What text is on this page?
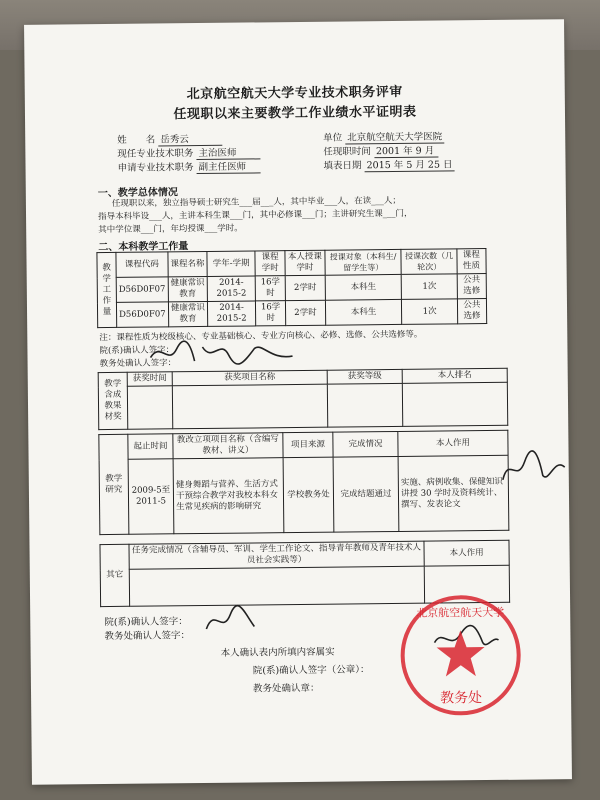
北京航空航天大学专业技术职务评审
任现职以来主要教学工作业绩水平证明表
姓　　名 岳秀云
现任专业技术职务 主治医师
申请专业技术职务 副主任医师
单位 北京航空航天大学医院
任现职时间 2001 年 9 月
填表日期 2015 年 5 月 25 日
一、教学总体情况
任现职以来，独立指导硕士研究生___届___人，其中毕业___人，在读___人；
指导本科毕设___人，主讲本科生课___门，其中必修课___门；主讲研究生课___门，
其中学位课___门，年均授课___学时。
二、本科教学工作量
教学工作量	课程代码	课程名称	学年-学期	课程学时	本人授课学时	授课对象（本科生/留学生等）	授课次数（几轮次）	课程性质
	D56D0F07	健康常识教育	2014-2015-2	16学时	2学时	本科生	1次	公共选修
	D56D0F07	健康常识教育	2014-2015-2	16学时	2学时	本科生	1次	公共选修
注：课程性质为校级核心、专业基础核心、专业方向核心、必修、选修、公共选修等。
院(系)确认人签字：
教务处确认人签字：
教学含成教果材奖	获奖时间	获奖项目名称	获奖等级	本人排名

教学研究	起止时间	教改立项项目名称（含编写教材、讲义）	项目来源	完成情况	本人作用
	2009-5至2011-5	健身舞蹈与营养、生活方式干预综合教学对我校本科女生常见疾病的影响研究	学校教务处	完成结题通过	实施、病例收集、保健知识讲授 30 学时及资料统计、撰写、发表论文
其它	任务完成情况（含辅导员、军训、学生工作论文、指导青年教师及青年技术人员社会实践等）	本人作用

院(系)确认人签字：
教务处确认人签字：
本人确认表内所填内容属实
院(系)确认人签字（公章）：
教务处确认章：
教务处
北京航空航天大学
